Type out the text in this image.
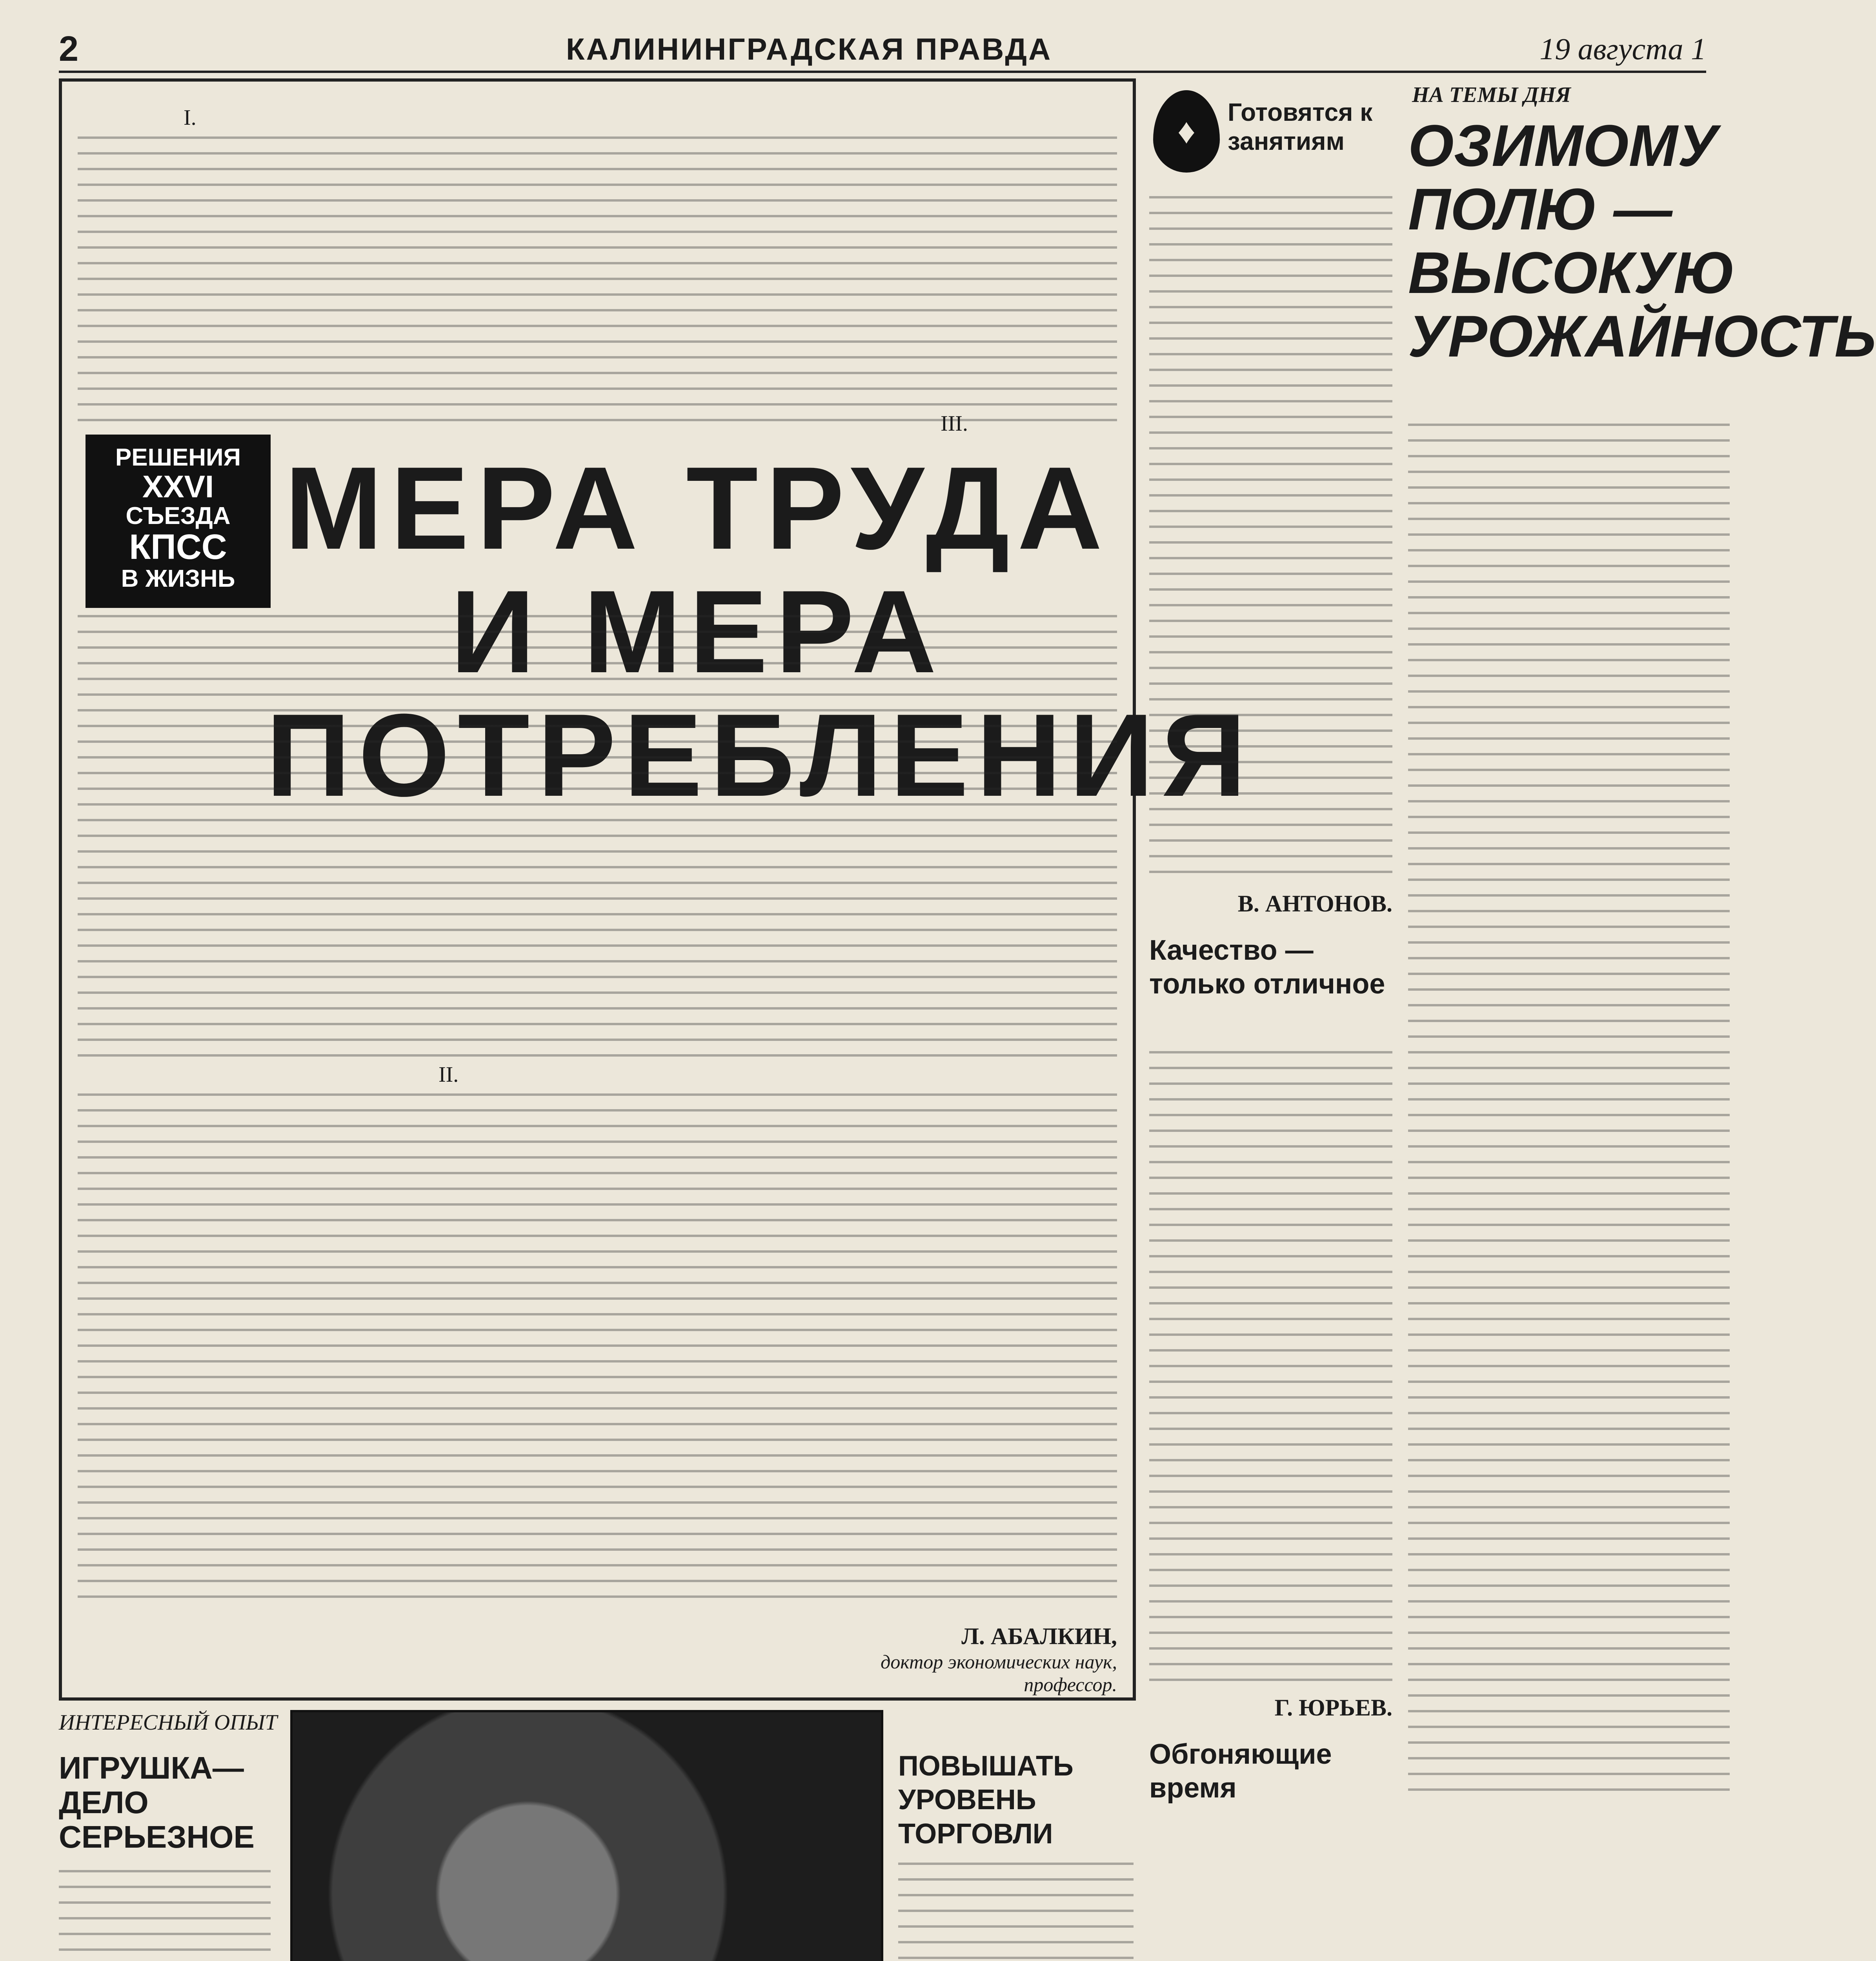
2	КАЛИНИНГРАДСКАЯ ПРАВДА	19 августа 1
I.
РЕШЕНИЯ
XXVI
СЪЕЗДА
КПСС
В ЖИЗНЬ
МЕРА ТРУДА
И МЕРА ПОТРЕБЛЕНИЯ
II.
III.
Л. АБАЛКИН,
доктор экономических наук, профессор.
♦	Готовятся к занятиям
В. АНТОНОВ.
Качество — только отличное
Г. ЮРЬЕВ.
Обгоняющие время
НА ТЕМЫ ДНЯ
ОЗИМОМУ ПОЛЮ — ВЫСОКУЮ УРОЖАЙНОСТЬ
ИНТЕРЕСНЫЙ ОПЫТ
ИГРУШКА—ДЕЛО СЕРЬЕЗНОЕ
ПОВЫШАТЬ УРОВЕНЬ ТОРГОВЛИ
